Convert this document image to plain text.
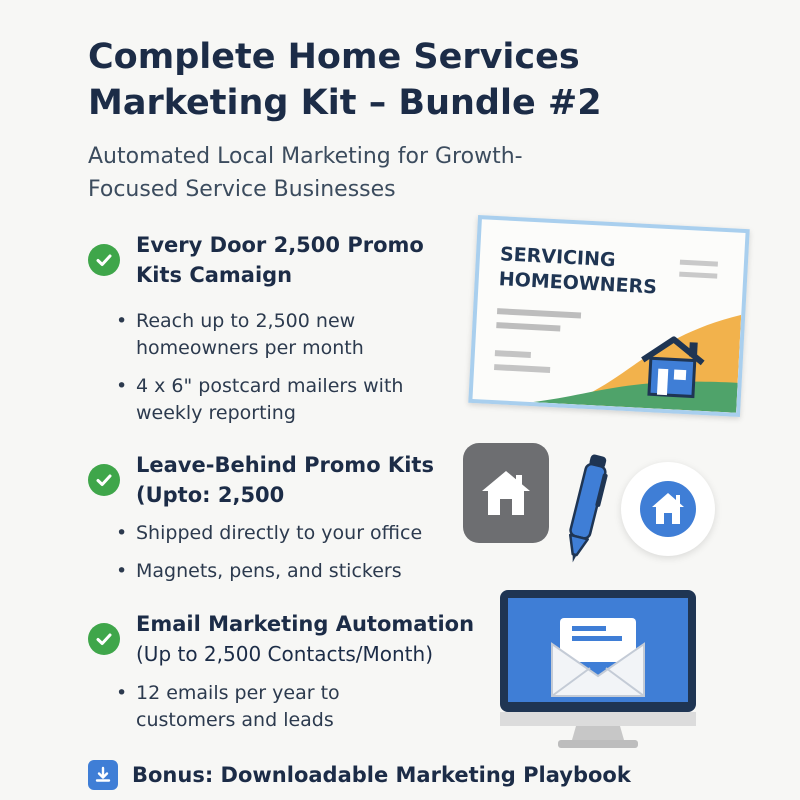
Complete Home Services Marketing Kit – Bundle #2

Automated Local Marketing for Growth-Focused Service Businesses

Every Door 2,500 Promo Kits Camaign
• Reach up to 2,500 new homeowners per month
• 4 x 6" postcard mailers with weekly reporting
Leave-Behind Promo Kits (Upto: 2,500
• Shipped directly to your office
• Magnets, pens, and stickers
Email Marketing Automation
(Up to 2,500 Contacts/Month)
• 12 emails per year to customers and leads
Bonus: Downloadable Marketing Playbook
SERVICING HOMEOWNERS
